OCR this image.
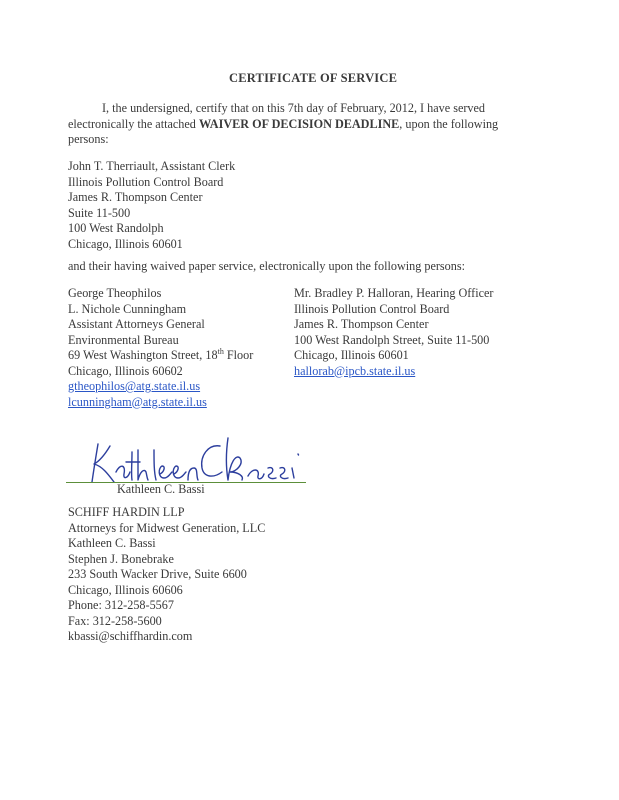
CERTIFICATE OF SERVICE
I, the undersigned, certify that on this 7th day of February, 2012, I have served
electronically the attached WAIVER OF DECISION DEADLINE, upon the following
persons:
John T. Therriault, Assistant Clerk
Illinois Pollution Control Board
James R. Thompson Center
Suite 11-500
100 West Randolph
Chicago, Illinois 60601
and their having waived paper service, electronically upon the following persons:
George Theophilos
L. Nichole Cunningham
Assistant Attorneys General
Environmental Bureau
69 West Washington Street, 18th Floor
Chicago, Illinois 60602
gtheophilos@atg.state.il.us
lcunningham@atg.state.il.us
Mr. Bradley P. Halloran, Hearing Officer
Illinois Pollution Control Board
James R. Thompson Center
100 West Randolph Street, Suite 11-500
Chicago, Illinois 60601
hallorab@ipcb.state.il.us
Kathleen C. Bassi
SCHIFF HARDIN LLP
Attorneys for Midwest Generation, LLC
Kathleen C. Bassi
Stephen J. Bonebrake
233 South Wacker Drive, Suite 6600
Chicago, Illinois 60606
Phone: 312-258-5567
Fax: 312-258-5600
kbassi@schiffhardin.com
